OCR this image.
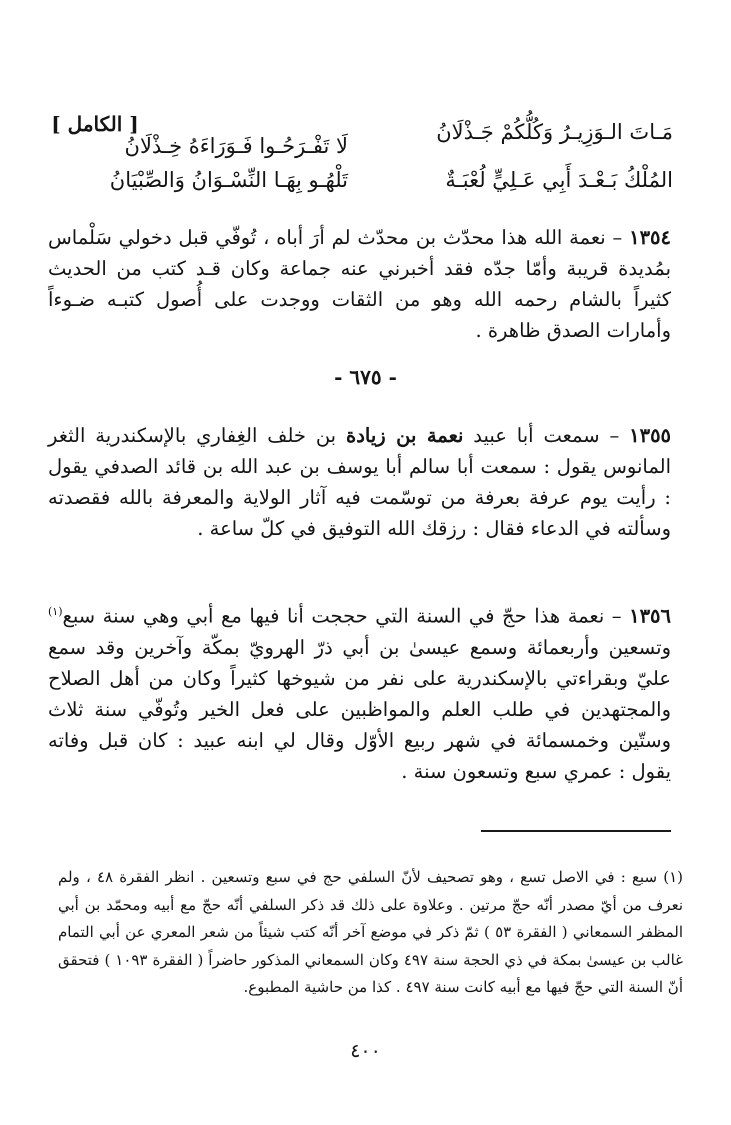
[ الكامل ]	مَـاتَ الـوَزِيـرُ وَكُلُّكُمْ جَـذْلَانُ
لَا تَفْـرَحُـوا فَـوَرَاءَهُ خِـذْلَانُ
المُلْكُ بَـعْـدَ أَبِي عَـلِيٍّ لُعْبَـةٌ
تَلْهُـو بِهَـا النِّسْـوَانُ وَالصِّبْيَانُ
١٣٥٤ – نعمة الله هذا محدّث بن محدّث لم أرَ أباه ، تُوفّي قبل دخولي سَلْماس بمُديدة قريبة وأمّا جدّه فقد أخبرني عنه جماعة وكان قـد كتب من الحديث كثيراً بالشام رحمه الله وهو من الثقات ووجدت على أُصول كتبـه ضـوءاً وأمارات الصدق ظاهرة .
- ٦٧٥ -
١٣٥٥ – سمعت أبا عبيد نعمة بن زيادة بن خلف الغِفاري بالإسكندرية الثغر المانوس يقول : سمعت أبا سالم أبا يوسف بن عبد الله بن قائد الصدفي يقول : رأيت يوم عرفة بعرفة من توسّمت فيه آثار الولاية والمعرفة بالله فقصدته وسألته في الدعاء فقال : رزقك الله التوفيق في كلّ ساعة .
١٣٥٦ – نعمة هذا حجّ في السنة التي حججت أنا فيها مع أبي وهي سنة سبع$^{(١)}$ وتسعين وأربعمائة وسمع عيسىٰ بن أبي ذرّ الهرويّ بمكّة وآخرين وقد سمع عليّ وبقراءتي بالإسكندرية على نفر من شيوخها كثيراً وكان من أهل الصلاح والمجتهدين في طلب العلم والمواظبين على فعل الخير وتُوفّي سنة ثلاث وستّين وخمسمائة في شهر ربيع الأوّل وقال لي ابنه عبيد : كان قبل وفاته يقول : عمري سبع وتسعون سنة .
(١) سبع : في الاصل تسع ، وهو تصحيف لأنّ السلفي حج في سبع وتسعين . انظر الفقرة ٤٨ ، ولم نعرف من أيّ مصدر أنّه حجّ مرتين . وعلاوة على ذلك قد ذكر السلفي أنّه حجّ مع أبيه ومحمّد بن أبي المظفر السمعاني ( الفقرة ٥٣ ) ثمّ ذكر في موضع آخر أنّه كتب شيئاً من شعر المعري عن أبي التمام غالب بن عيسىٰ بمكة في ذي الحجة سنة ٤٩٧ وكان السمعاني المذكور حاضراً ( الفقرة ١٠٩٣ ) فتحقق أنّ السنة التي حجّ فيها مع أبيه كانت سنة ٤٩٧ . كذا من حاشية المطبوع.
٤٠٠
